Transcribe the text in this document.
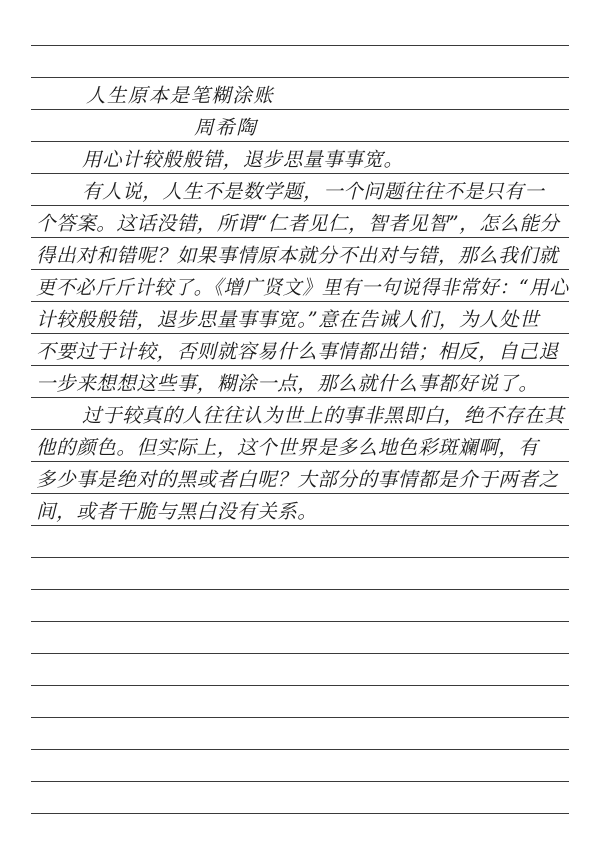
人生原本是笔糊涂账
周希陶
用心计较般般错，退步思量事事宽。
有人说，人生不是数学题，一个问题往往不是只有一
个答案。这话没错，所谓“仁者见仁，智者见智”，怎么能分
得出对和错呢？如果事情原本就分不出对与错，那么我们就
更不必斤斤计较了。《增广贤文》里有一句说得非常好：“用心
计较般般错，退步思量事事宽。”意在告诫人们，为人处世
不要过于计较，否则就容易什么事情都出错；相反，自己退
一步来想想这些事，糊涂一点，那么就什么事都好说了。
过于较真的人往往认为世上的事非黑即白，绝不存在其
他的颜色。但实际上，这个世界是多么地色彩斑斓啊，有
多少事是绝对的黑或者白呢？大部分的事情都是介于两者之
间，或者干脆与黑白没有关系。
